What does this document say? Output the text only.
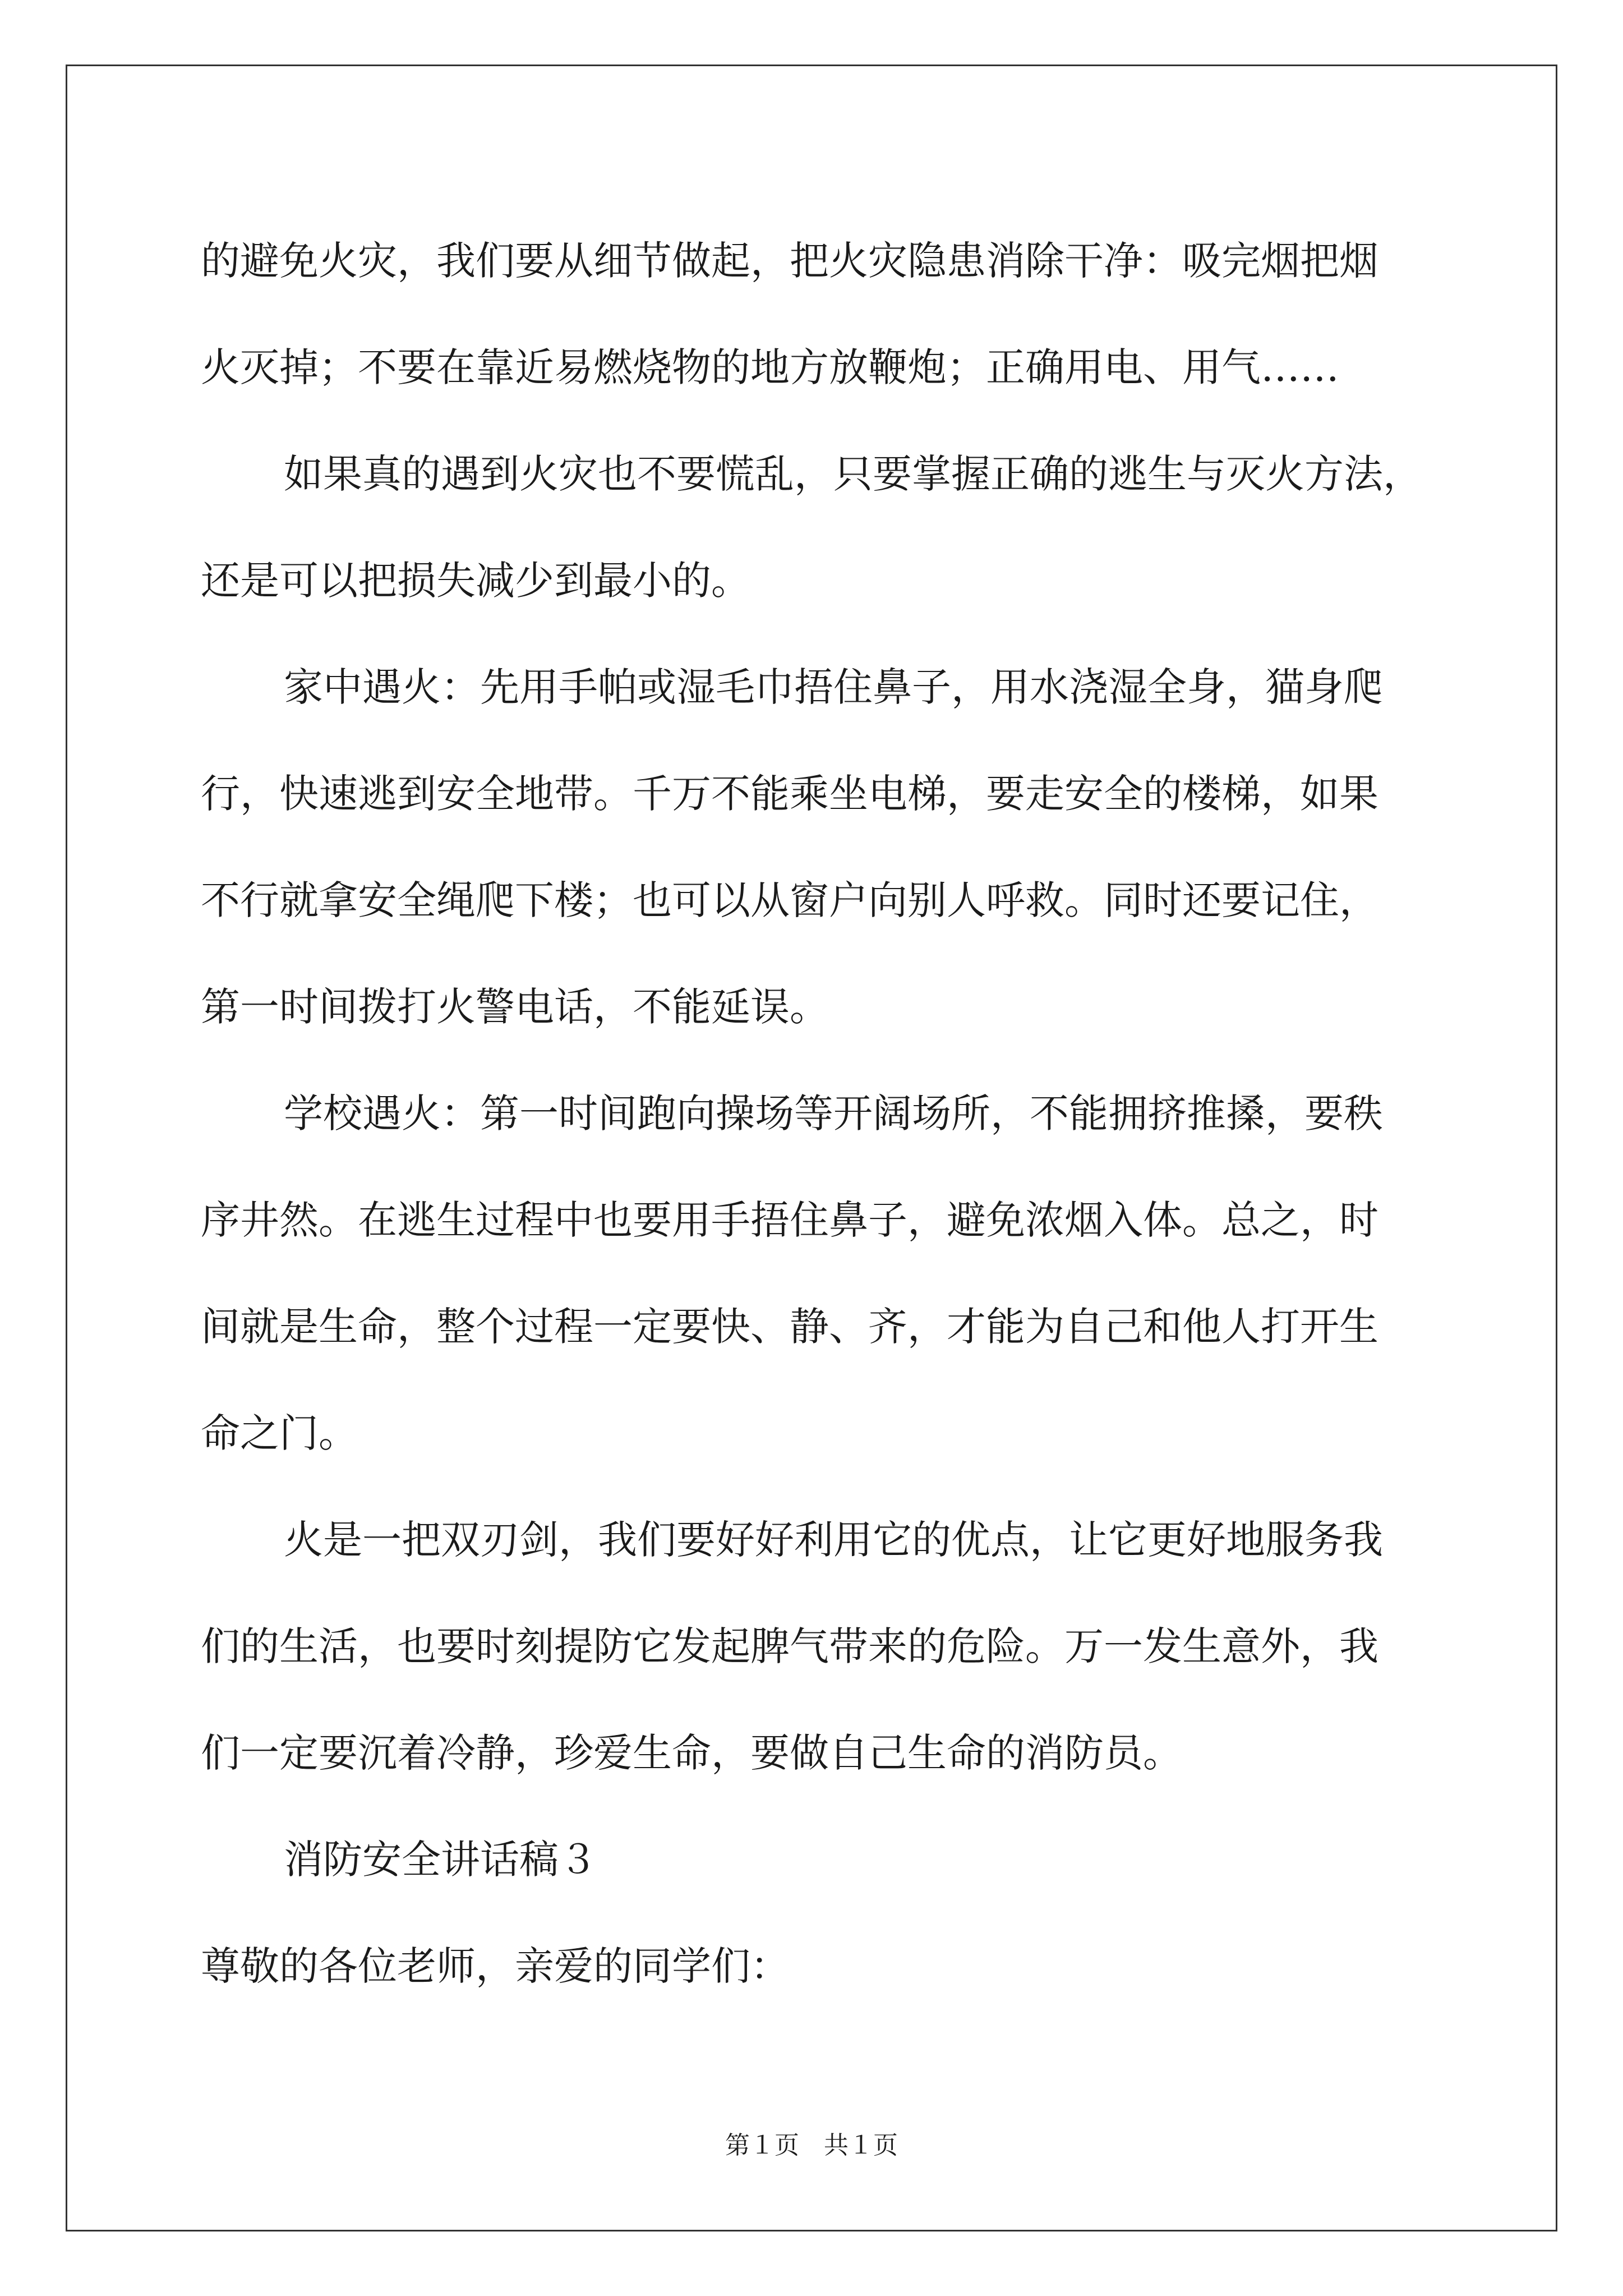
的避免火灾，我们要从细节做起，把火灾隐患消除干净：吸完烟把烟

火灭掉；不要在靠近易燃烧物的地方放鞭炮；正确用电、用气……

如果真的遇到火灾也不要慌乱，只要掌握正确的逃生与灭火方法，

还是可以把损失减少到最小的。

家中遇火：先用手帕或湿毛巾捂住鼻子，用水浇湿全身，猫身爬

行，快速逃到安全地带。千万不能乘坐电梯，要走安全的楼梯，如果

不行就拿安全绳爬下楼；也可以从窗户向别人呼救。同时还要记住，

第一时间拨打火警电话，不能延误。

学校遇火：第一时间跑向操场等开阔场所，不能拥挤推搡，要秩

序井然。在逃生过程中也要用手捂住鼻子，避免浓烟入体。总之，时

间就是生命，整个过程一定要快、静、齐，才能为自己和他人打开生

命之门。

火是一把双刃剑，我们要好好利用它的优点，让它更好地服务我

们的生活，也要时刻提防它发起脾气带来的危险。万一发生意外，我

们一定要沉着冷静，珍爱生命，要做自己生命的消防员。

消防安全讲话稿３

尊敬的各位老师，亲爱的同学们：

第１页　共１页
